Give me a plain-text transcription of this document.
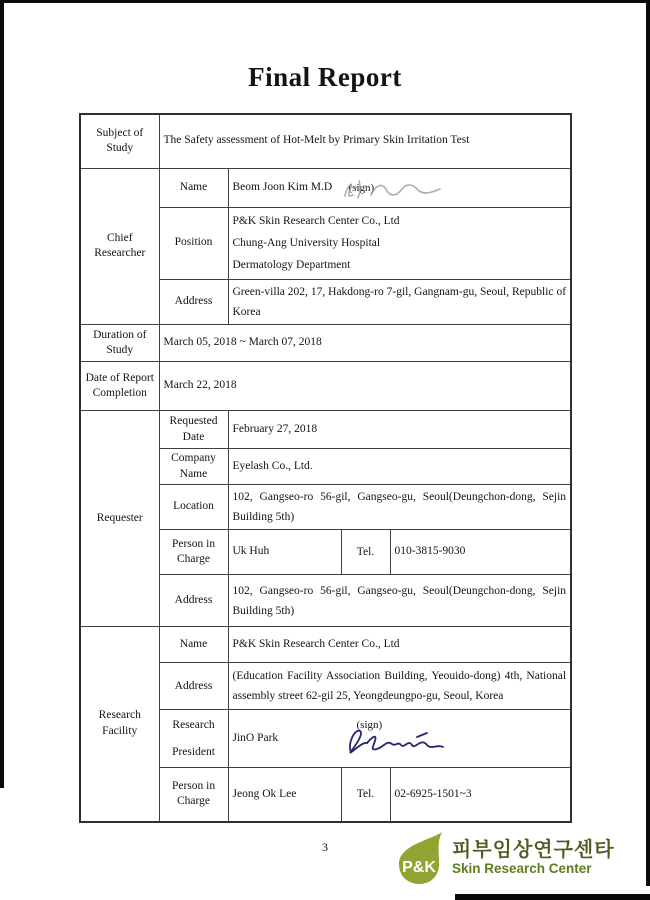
Final Report
Subject of Study	The Safety assessment of Hot-Melt by Primary Skin Irritation Test			
Chief Researcher	Name	Beom Joon Kim M.D (sign)		

	Position	P&K Skin Research Center Co., Ltd
Chung-Ang University Hospital
Dermatology Department		

	Address	Green-villa 202, 17, Hakdong-ro 7-gil, Gangnam-gu, Seoul, Republic of Korea		
Duration of Study	March 05, 2018 ~ March 07, 2018			
Date of Report Completion	March 22, 2018			
Requester	Requested Date	February 27, 2018		
	Company Name	Eyelash Co., Ltd.		
	Location	102, Gangseo-ro 56-gil, Gangseo-gu, Seoul(Deungchon-dong, Sejin Building 5th)		
	Person in Charge	Uk Huh	Tel.	010-3815-9030
	Address	102, Gangseo-ro 56-gil, Gangseo-gu, Seoul(Deungchon-dong, Sejin Building 5th)		
Research Facility	Name	P&K Skin Research Center Co., Ltd		
	Address	(Education Facility Association Building, Yeouido-dong) 4th, National assembly street 62-gil 25, Yeongdeungpo-gu, Seoul, Korea		
	Research President	JinO Park
(sign)		

	Person in Charge	Jeong Ok Lee	Tel.	02-6925-1501~3
3
P&K
피부임상연구센타
Skin Research Center
